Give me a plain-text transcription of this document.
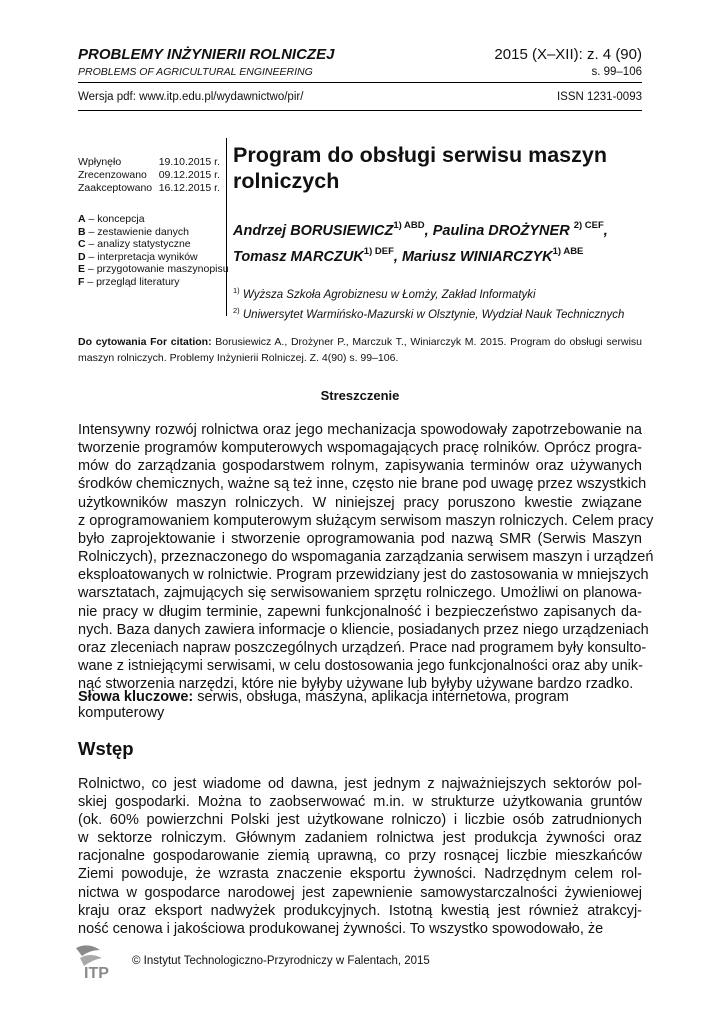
PROBLEMY INŻYNIERII ROLNICZEJ
PROBLEMS OF AGRICULTURAL ENGINEERING
2015 (X–XII): z. 4 (90)
s. 99–106
Wersja pdf: www.itp.edu.pl/wydawnictwo/pir/	ISSN 1231-0093
Wpłynęło	19.10.2015 r.
Zrecenzowano 09.12.2015 r.
Zaakceptowano 16.12.2015 r.
A – koncepcja
B – zestawienie danych
C – analizy statystyczne
D – interpretacja wyników
E – przygotowanie maszynopisu
F – przegląd literatury
Program do obsługi serwisu maszyn
rolniczych
Andrzej $BORUSIEWICZ^{1) ABD}$, Paulina DROŻYNER $^{2) CEF}$,
Tomasz $MARCZUK^{1) DEF}$, Mariusz $WINIARCZYK^{1) ABE}$
$^{1)}$ Wyższa Szkoła Agrobiznesu w Łomży, Zakład Informatyki
$^{2)}$ Uniwersytet Warmińsko-Mazurski w Olsztynie, Wydział Nauk Technicznych
Do cytowania For citation: Borusiewicz A., Drożyner P., Marczuk T., Winiarczyk M. 2015. Program do obsługi serwisu
maszyn rolniczych. Problemy Inżynierii Rolniczej. Z. 4(90) s. 99–106.
Streszczenie
Intensywny rozwój rolnictwa oraz jego mechanizacja spowodowały zapotrzebowanie na
tworzenie programów komputerowych wspomagających pracę rolników. Oprócz progra-
mów do zarządzania gospodarstwem rolnym, zapisywania terminów oraz używanych
środków chemicznych, ważne są też inne, często nie brane pod uwagę przez wszystkich
użytkowników maszyn rolniczych. W niniejszej pracy poruszono kwestie związane
z oprogramowaniem komputerowym służącym serwisom maszyn rolniczych. Celem pracy
było zaprojektowanie i stworzenie oprogramowania pod nazwą SMR (Serwis Maszyn
Rolniczych), przeznaczonego do wspomagania zarządzania serwisem maszyn i urządzeń
eksploatowanych w rolnictwie. Program przewidziany jest do zastosowania w mniejszych
warsztatach, zajmujących się serwisowaniem sprzętu rolniczego. Umożliwi on planowa-
nie pracy w długim terminie, zapewni funkcjonalność i bezpieczeństwo zapisanych da-
nych. Baza danych zawiera informacje o kliencie, posiadanych przez niego urządzeniach
oraz zleceniach napraw poszczególnych urządzeń. Prace nad programem były konsulto-
wane z istniejącymi serwisami, w celu dostosowania jego funkcjonalności oraz aby unik-
nąć stworzenia narzędzi, które nie byłyby używane lub byłyby używane bardzo rzadko.
Słowa kluczowe: serwis, obsługa, maszyna, aplikacja internetowa, program komputerowy
Wstęp
Rolnictwo, co jest wiadome od dawna, jest jednym z najważniejszych sektorów pol-
skiej gospodarki. Można to zaobserwować m.in. w strukturze użytkowania gruntów
(ok. 60% powierzchni Polski jest użytkowane rolniczo) i liczbie osób zatrudnionych
w sektorze rolniczym. Głównym zadaniem rolnictwa jest produkcja żywności oraz
racjonalne gospodarowanie ziemią uprawną, co przy rosnącej liczbie mieszkańców
Ziemi powoduje, że wzrasta znaczenie eksportu żywności. Nadrzędnym celem rol-
nictwa w gospodarce narodowej jest zapewnienie samowystarczalności żywieniowej
kraju oraz eksport nadwyżek produkcyjnych. Istotną kwestią jest również atrakcyj-
ność cenowa i jakościowa produkowanej żywności. To wszystko spowodowało, że
ITP
© Instytut Technologiczno-Przyrodniczy w Falentach, 2015
